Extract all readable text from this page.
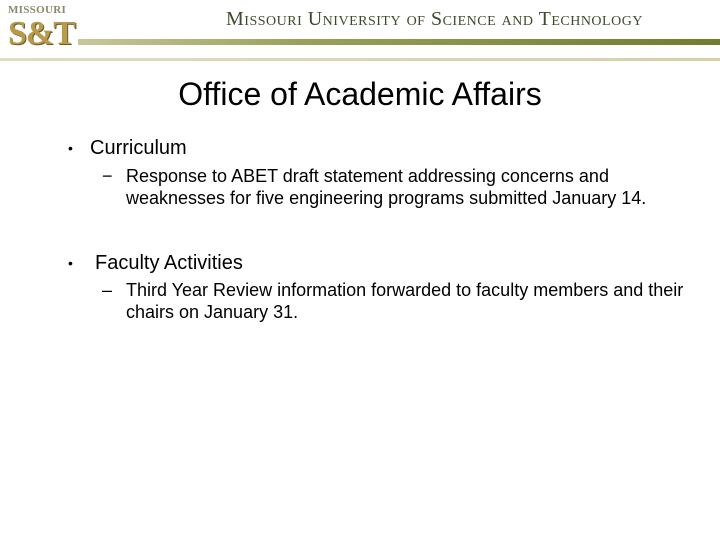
MISSOURI
S&T	Missouri University of Science and Technology
Office of Academic Affairs
• Curriculum
− Response to ABET draft statement addressing concerns and weaknesses for five engineering programs submitted January 14.
• Faculty Activities
– Third Year Review information forwarded to faculty members and their chairs on January 31.
